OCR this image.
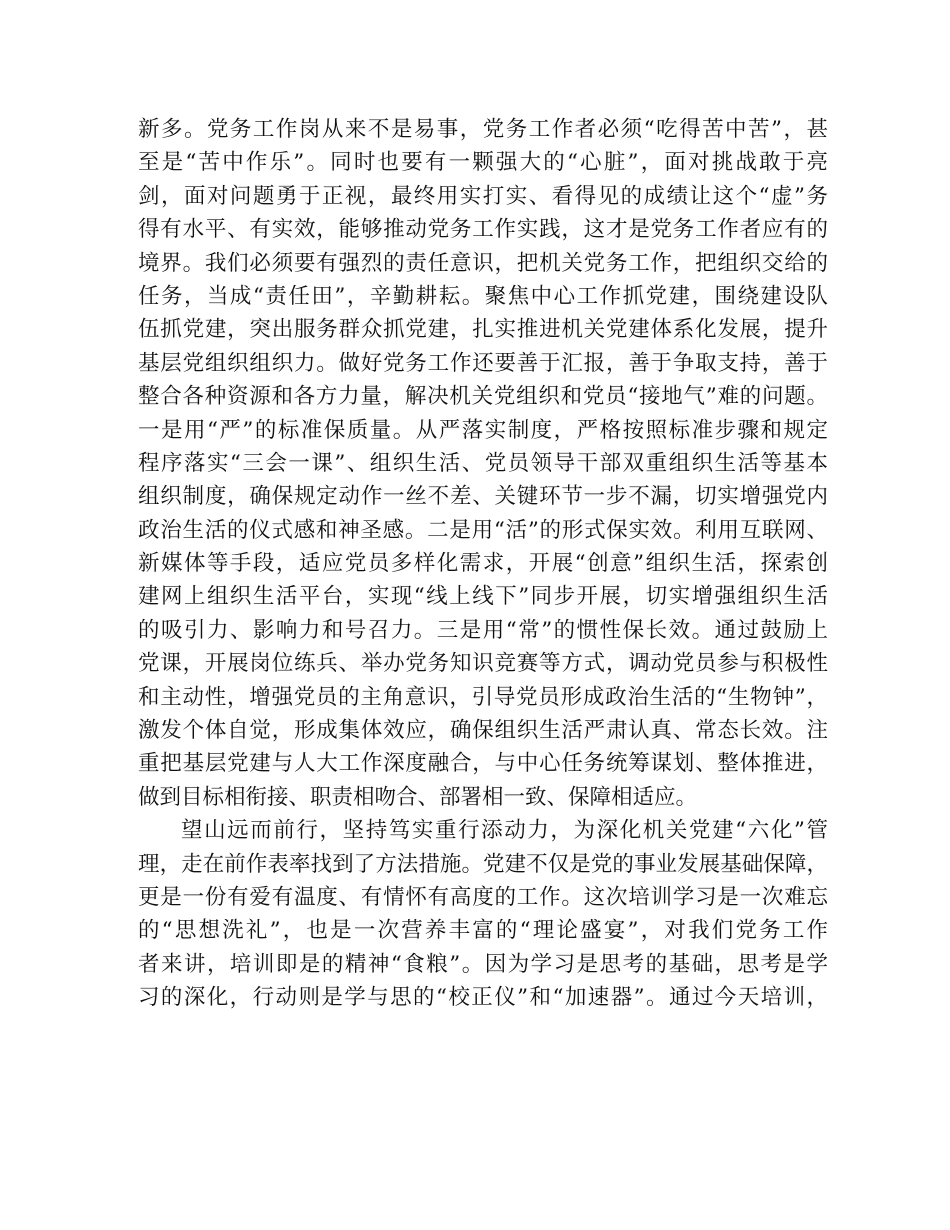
新多。党务工作岗从来不是易事，党务工作者必须“吃得苦中苦”，甚
至是“苦中作乐”。同时也要有一颗强大的“心脏”，面对挑战敢于亮
剑，面对问题勇于正视，最终用实打实、看得见的成绩让这个“虚”务
得有水平、有实效，能够推动党务工作实践，这才是党务工作者应有的
境界。我们必须要有强烈的责任意识，把机关党务工作，把组织交给的
任务，当成“责任田”，辛勤耕耘。聚焦中心工作抓党建，围绕建设队
伍抓党建，突出服务群众抓党建，扎实推进机关党建体系化发展，提升
基层党组织组织力。做好党务工作还要善于汇报，善于争取支持，善于
整合各种资源和各方力量，解决机关党组织和党员“接地气”难的问题。
一是用“严”的标准保质量。从严落实制度，严格按照标准步骤和规定
程序落实“三会一课”、组织生活、党员领导干部双重组织生活等基本
组织制度，确保规定动作一丝不差、关键环节一步不漏，切实增强党内
政治生活的仪式感和神圣感。二是用“活”的形式保实效。利用互联网、
新媒体等手段，适应党员多样化需求，开展“创意”组织生活，探索创
建网上组织生活平台，实现“线上线下”同步开展，切实增强组织生活
的吸引力、影响力和号召力。三是用“常”的惯性保长效。通过鼓励上
党课，开展岗位练兵、举办党务知识竞赛等方式，调动党员参与积极性
和主动性，增强党员的主角意识，引导党员形成政治生活的“生物钟”，
激发个体自觉，形成集体效应，确保组织生活严肃认真、常态长效。注
重把基层党建与人大工作深度融合，与中心任务统筹谋划、整体推进，
做到目标相衔接、职责相吻合、部署相一致、保障相适应。
望山远而前行，坚持笃实重行添动力，为深化机关党建“六化”管
理，走在前作表率找到了方法措施。党建不仅是党的事业发展基础保障，
更是一份有爱有温度、有情怀有高度的工作。这次培训学习是一次难忘
的“思想洗礼”，也是一次营养丰富的“理论盛宴”，对我们党务工作
者来讲，培训即是的精神“食粮”。因为学习是思考的基础，思考是学
习的深化，行动则是学与思的“校正仪”和“加速器”。通过今天培训，
